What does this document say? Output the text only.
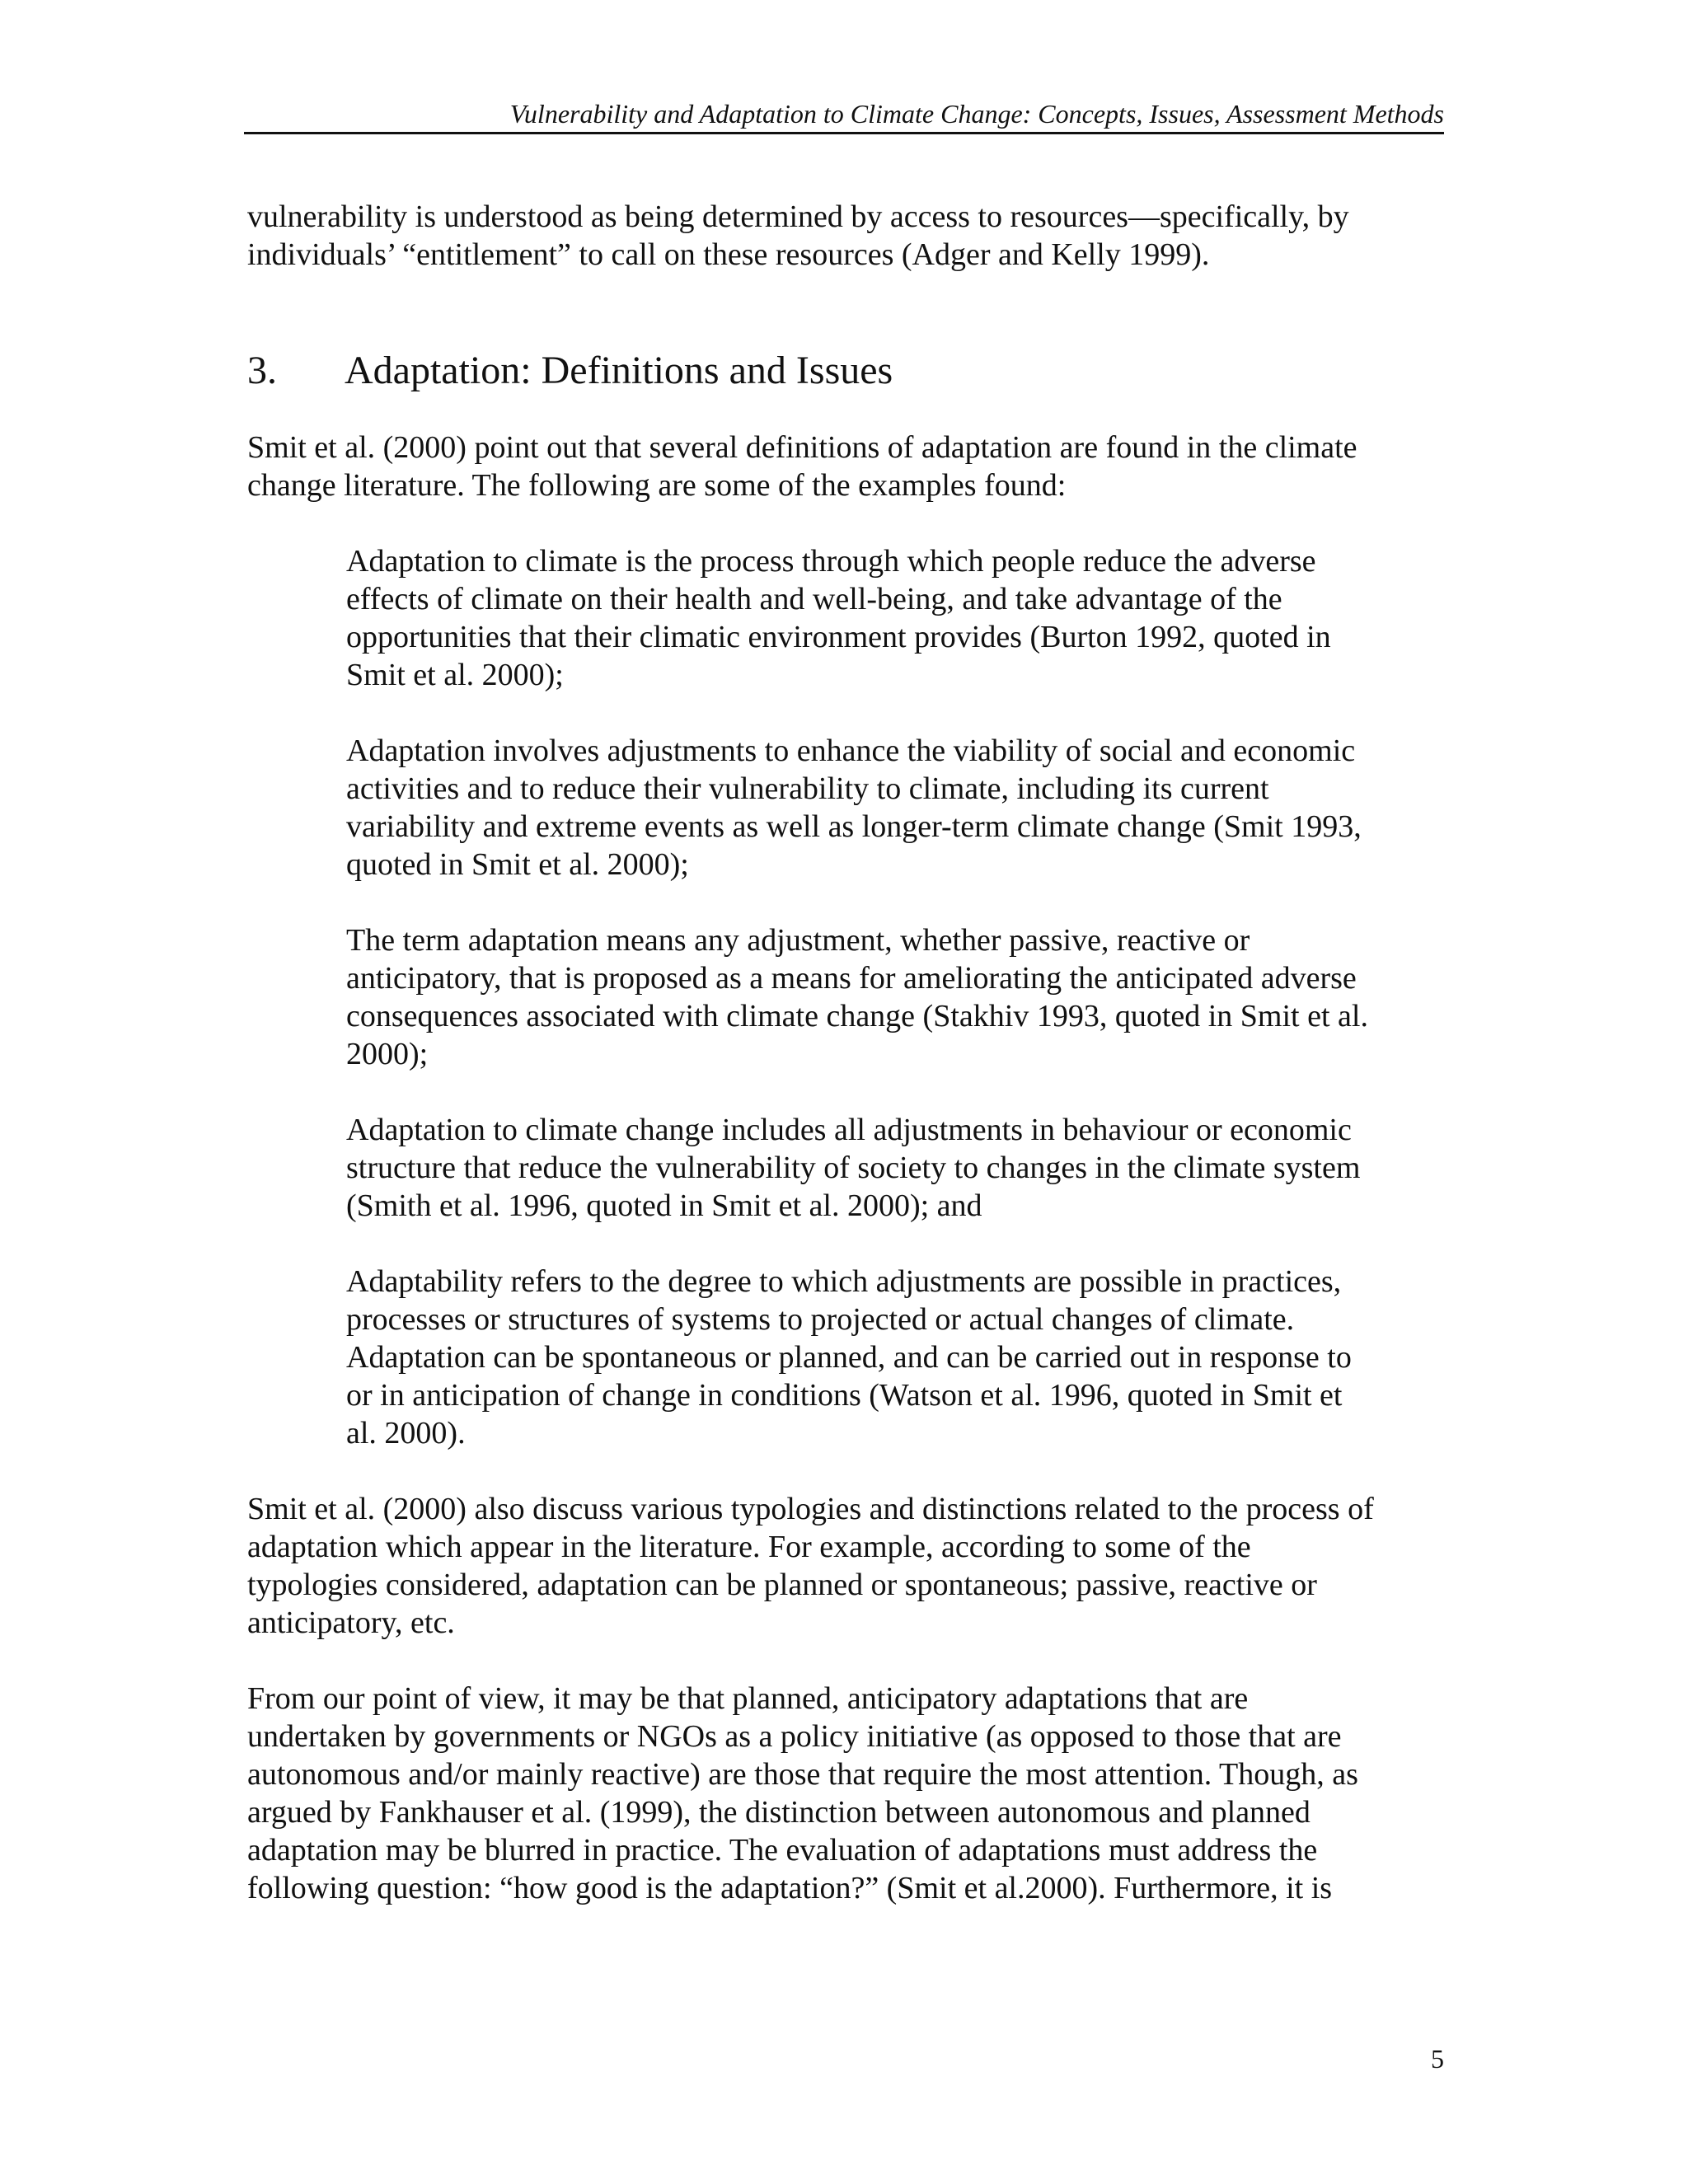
Vulnerability and Adaptation to Climate Change: Concepts, Issues, Assessment Methods

vulnerability is understood as being determined by access to resources—specifically, by
individuals’ “entitlement” to call on these resources (Adger and Kelly 1999).

3.	Adaptation: Definitions and Issues

Smit et al. (2000) point out that several definitions of adaptation are found in the climate
change literature. The following are some of the examples found:

Adaptation to climate is the process through which people reduce the adverse
effects of climate on their health and well-being, and take advantage of the
opportunities that their climatic environment provides (Burton 1992, quoted in
Smit et al. 2000);

Adaptation involves adjustments to enhance the viability of social and economic
activities and to reduce their vulnerability to climate, including its current
variability and extreme events as well as longer-term climate change (Smit 1993,
quoted in Smit et al. 2000);

The term adaptation means any adjustment, whether passive, reactive or
anticipatory, that is proposed as a means for ameliorating the anticipated adverse
consequences associated with climate change (Stakhiv 1993, quoted in Smit et al.
2000);

Adaptation to climate change includes all adjustments in behaviour or economic
structure that reduce the vulnerability of society to changes in the climate system
(Smith et al. 1996, quoted in Smit et al. 2000); and

Adaptability refers to the degree to which adjustments are possible in practices,
processes or structures of systems to projected or actual changes of climate.
Adaptation can be spontaneous or planned, and can be carried out in response to
or in anticipation of change in conditions (Watson et al. 1996, quoted in Smit et
al. 2000).

Smit et al. (2000) also discuss various typologies and distinctions related to the process of
adaptation which appear in the literature. For example, according to some of the
typologies considered, adaptation can be planned or spontaneous; passive, reactive or
anticipatory, etc.

From our point of view, it may be that planned, anticipatory adaptations that are
undertaken by governments or NGOs as a policy initiative (as opposed to those that are
autonomous and/or mainly reactive) are those that require the most attention. Though, as
argued by Fankhauser et al. (1999), the distinction between autonomous and planned
adaptation may be blurred in practice. The evaluation of adaptations must address the
following question: “how good is the adaptation?” (Smit et al.2000). Furthermore, it is

5
